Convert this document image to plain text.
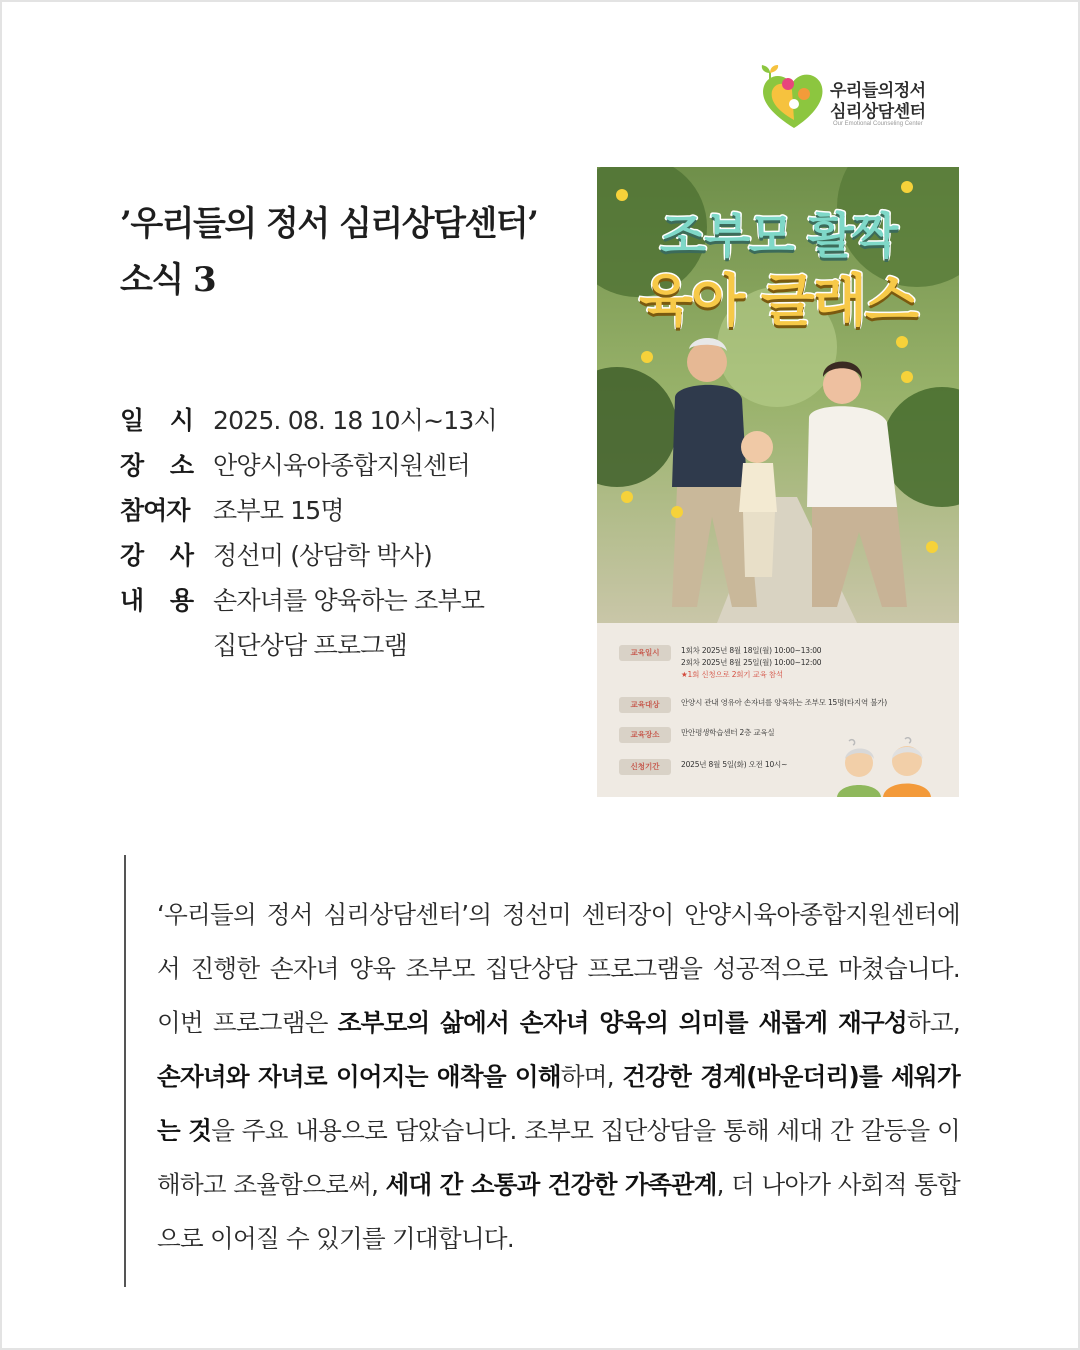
우리들의정서
심리상담센터
Our Emotional Counseling Center
’우리들의 정서 심리상담센터’
소식 3
일 시 2025. 08. 18 10시~13시
장 소 안양시육아종합지원센터
참여자 조부모 15명
강 사 정선미 (상담학 박사)
내 용 손자녀를 양육하는 조부모
집단상담 프로그램
조부모 활짝
육아 클래스
교육일시	1회차 2025년 8월 18일(월) 10:00~13:00
2회차 2025년 8월 25일(월) 10:00~12:00
★1회 신청으로 2회기 교육 참석
교육대상	안양시 관내 영유아 손자녀를 양육하는 조부모 15명(타지역 불가)
교육장소	만안평생학습센터 2층 교육실
신청기간	2025년 8월 5일(화) 오전 10시~
‘우리들의 정서 심리상담센터’의 정선미 센터장이 안양시육아종합지원센터에서 진행한 손자녀 양육 조부모 집단상담 프로그램을 성공적으로 마쳤습니다. 이번 프로그램은 조부모의 삶에서 손자녀 양육의 의미를 새롭게 재구성하고, 손자녀와 자녀로 이어지는 애착을 이해하며, 건강한 경계(바운더리)를 세워가는 것을 주요 내용으로 담았습니다. 조부모 집단상담을 통해 세대 간 갈등을 이해하고 조율함으로써, 세대 간 소통과 건강한 가족관계, 더 나아가 사회적 통합으로 이어질 수 있기를 기대합니다.
